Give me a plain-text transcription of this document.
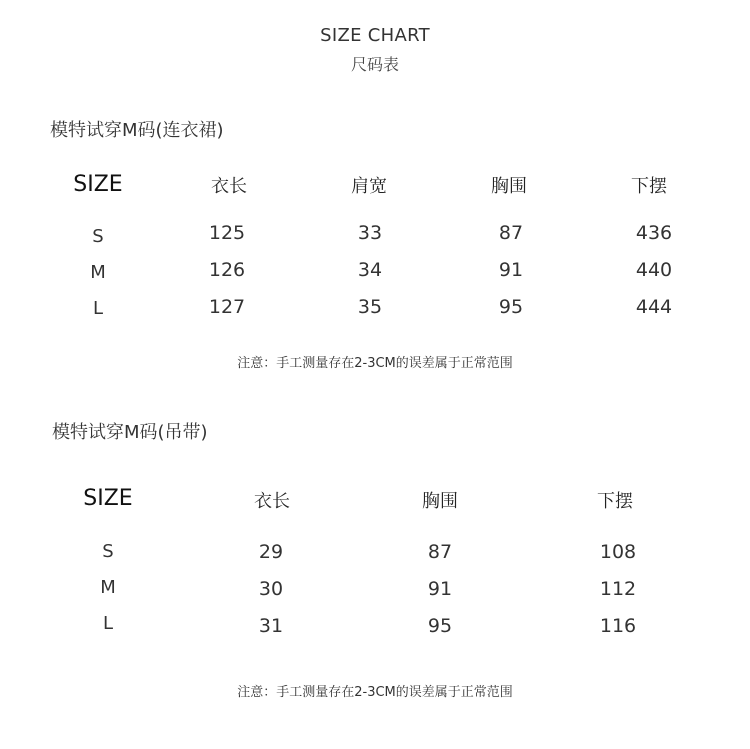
SIZE CHART
尺码表
模特试穿M码(连衣裙)
SIZE	衣长	肩宽	胸围	下摆
S	125	33	87	436
M	126	34	91	440
L	127	35	95	444
注意：手工测量存在2-3CM的误差属于正常范围
模特试穿M码(吊带)
SIZE	衣长	胸围	下摆
S	29	87	108
M	30	91	112
L	31	95	116
注意：手工测量存在2-3CM的误差属于正常范围
